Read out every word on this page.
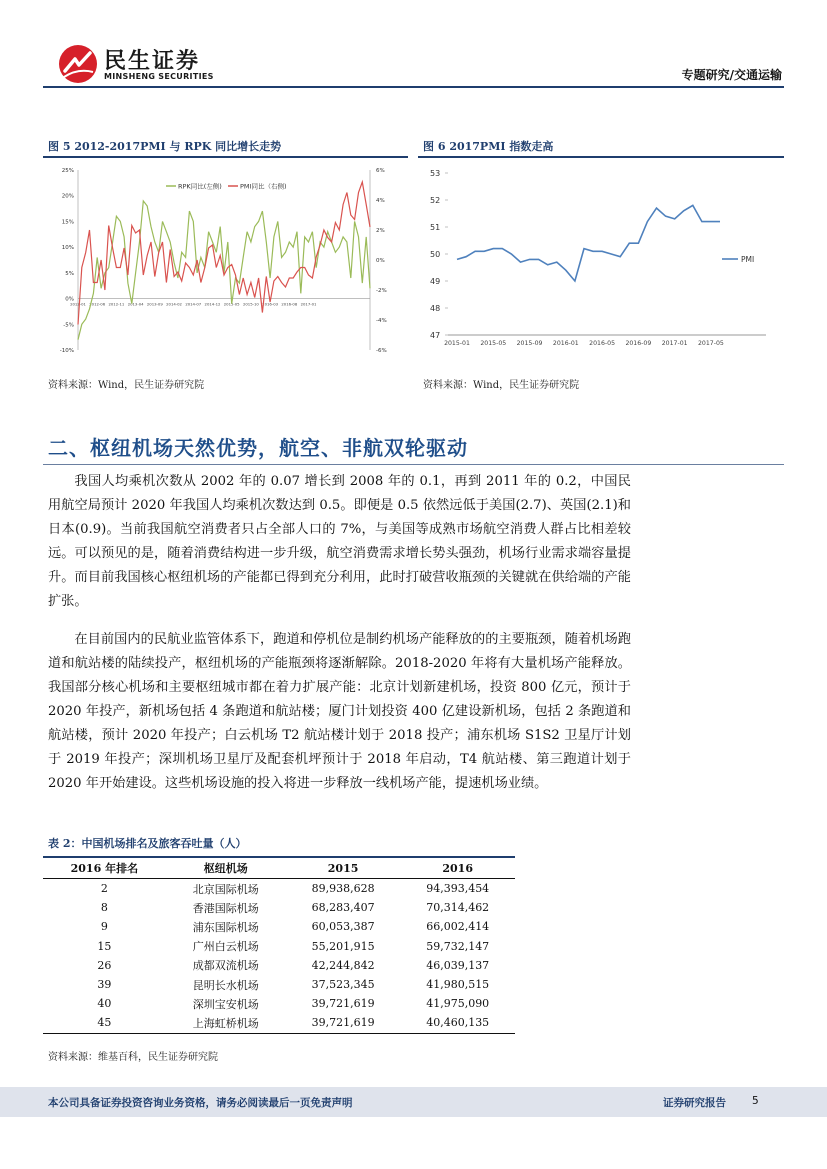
民生证券
MINSHENG SECURITIES	专题研究/交通运输
图 5 2012-2017PMI 与 RPK 同比增长走势
25%
20%
15%
10%
5%
0%
-5%
-10%
6%
4%
2%
0%
-2%
-4%
-6%
2012-01 2012-06 2012-11 2013-04 2013-09 2014-02 2014-07 2014-12 2015-05 2015-10 2016-03 2016-08 2017-01
RPK同比(左侧)	PMI同比（右侧)
资料来源：Wind，民生证券研究院
图 6 2017PMI 指数走高
53
52
51
50
49
48
47
2015-01 2015-05 2015-09 2016-01 2016-05 2016-09 2017-01 2017-05
PMI
资料来源：Wind，民生证券研究院
二、枢纽机场天然优势，航空、非航双轮驱动
我国人均乘机次数从 2002 年的 0.07 增长到 2008 年的 0.1，再到 2011 年的 0.2，中国民用航空局预计 2020 年我国人均乘机次数达到 0.5。即便是 0.5 依然远低于美国(2.7)、英国(2.1)和日本(0.9)。当前我国航空消费者只占全部人口的 7%，与美国等成熟市场航空消费人群占比相差较远。可以预见的是，随着消费结构进一步升级，航空消费需求增长势头强劲，机场行业需求端容量提升。而目前我国核心枢纽机场的产能都已得到充分利用，此时打破营收瓶颈的关键就在供给端的产能扩张。
在目前国内的民航业监管体系下，跑道和停机位是制约机场产能释放的的主要瓶颈，随着机场跑道和航站楼的陆续投产，枢纽机场的产能瓶颈将逐渐解除。2018-2020 年将有大量机场产能释放。我国部分核心机场和主要枢纽城市都在着力扩展产能：北京计划新建机场，投资 800 亿元，预计于 2020 年投产，新机场包括 4 条跑道和航站楼；厦门计划投资 400 亿建设新机场，包括 2 条跑道和航站楼，预计 2020 年投产；白云机场 T2 航站楼计划于 2018 投产；浦东机场 S1S2 卫星厅计划于 2019 年投产；深圳机场卫星厅及配套机坪预计于 2018 年启动，T4 航站楼、第三跑道计划于 2020 年开始建设。这些机场设施的投入将进一步释放一线机场产能，提速机场业绩。
表 2：中国机场排名及旅客吞吐量（人）
2016 年排名	枢纽机场	2015	2016
2	北京国际机场	89,938,628	94,393,454
8	香港国际机场	68,283,407	70,314,462
9	浦东国际机场	60,053,387	66,002,414
15	广州白云机场	55,201,915	59,732,147
26	成都双流机场	42,244,842	46,039,137
39	昆明长水机场	37,523,345	41,980,515
40	深圳宝安机场	39,721,619	41,975,090
45	上海虹桥机场	39,721,619	40,460,135
资料来源：维基百科，民生证券研究院
本公司具备证券投资咨询业务资格，请务必阅读最后一页免责声明	证券研究报告 5
